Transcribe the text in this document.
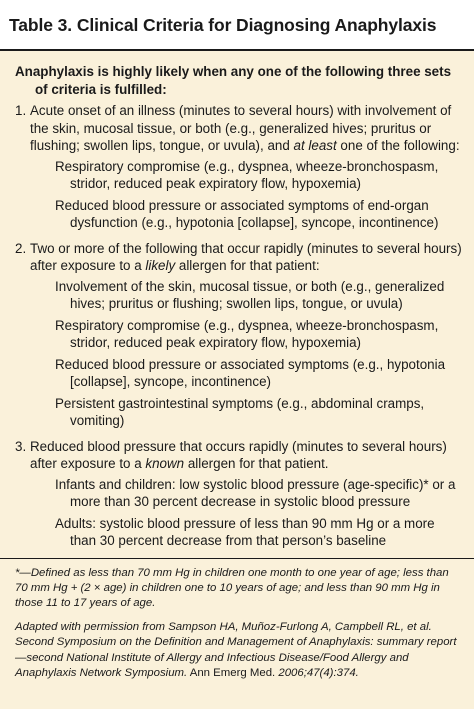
Table 3. Clinical Criteria for Diagnosing Anaphylaxis
Anaphylaxis is highly likely when any one of the following three sets of criteria is fulfilled:
1. Acute onset of an illness (minutes to several hours) with involvement of the skin, mucosal tissue, or both (e.g., generalized hives; pruritus or flushing; swollen lips, tongue, or uvula), and at least one of the following:
Respiratory compromise (e.g., dyspnea, wheeze-bronchospasm, stridor, reduced peak expiratory flow, hypoxemia)
Reduced blood pressure or associated symptoms of end-organ dysfunction (e.g., hypotonia [collapse], syncope, incontinence)
2. Two or more of the following that occur rapidly (minutes to several hours) after exposure to a likely allergen for that patient:
Involvement of the skin, mucosal tissue, or both (e.g., generalized hives; pruritus or flushing; swollen lips, tongue, or uvula)
Respiratory compromise (e.g., dyspnea, wheeze-bronchospasm, stridor, reduced peak expiratory flow, hypoxemia)
Reduced blood pressure or associated symptoms (e.g., hypotonia [collapse], syncope, incontinence)
Persistent gastrointestinal symptoms (e.g., abdominal cramps, vomiting)
3. Reduced blood pressure that occurs rapidly (minutes to several hours) after exposure to a known allergen for that patient.
Infants and children: low systolic blood pressure (age-specific)* or a more than 30 percent decrease in systolic blood pressure
Adults: systolic blood pressure of less than 90 mm Hg or a more than 30 percent decrease from that person’s baseline
*—Defined as less than 70 mm Hg in children one month to one year of age; less than 70 mm Hg + (2 × age) in children one to 10 years of age; and less than 90 mm Hg in those 11 to 17 years of age.
Adapted with permission from Sampson HA, Muñoz-Furlong A, Campbell RL, et al. Second Symposium on the Definition and Management of Anaphylaxis: summary report—second National Institute of Allergy and Infectious Disease/Food Allergy and Anaphylaxis Network Symposium. Ann Emerg Med. 2006;47(4):374.
